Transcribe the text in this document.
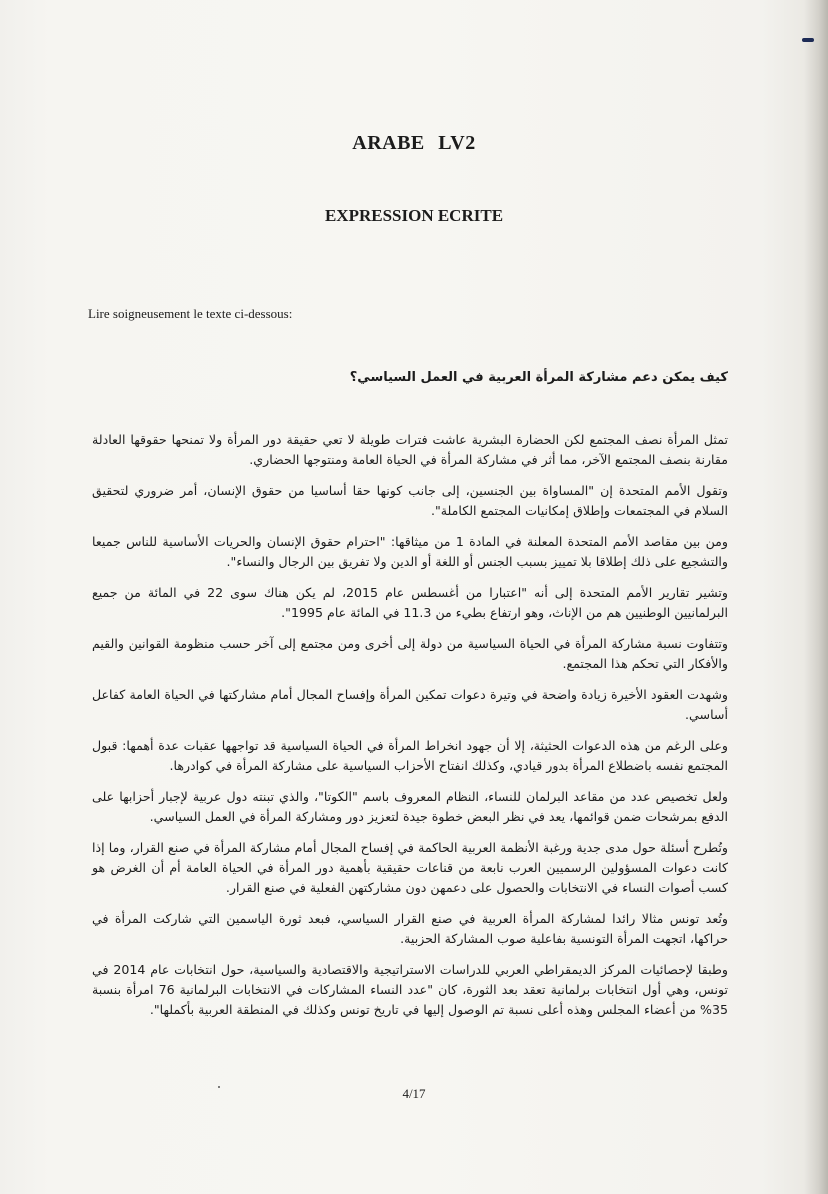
ARABE LV2
EXPRESSION ECRITE

Lire soigneusement le texte ci-dessous:

كيف يمكن دعم مشاركة المرأة العربية في العمل السياسي؟

تمثل المرأة نصف المجتمع لكن الحضارة البشرية عاشت فترات طويلة لا تعي حقيقة دور المرأة ولا تمنحها حقوقها العادلة مقارنة بنصف المجتمع الآخر، مما أثر في مشاركة المرأة في الحياة العامة ومنتوجها الحضاري.

وتقول الأمم المتحدة إن "المساواة بين الجنسين، إلى جانب كونها حقا أساسيا من حقوق الإنسان، أمر ضروري لتحقيق السلام في المجتمعات وإطلاق إمكانيات المجتمع الكاملة".

ومن بين مقاصد الأمم المتحدة المعلنة في المادة 1 من ميثاقها: "احترام حقوق الإنسان والحريات الأساسية للناس جميعا والتشجيع على ذلك إطلاقا بلا تمييز بسبب الجنس أو اللغة أو الدين ولا تفريق بين الرجال والنساء".

وتشير تقارير الأمم المتحدة إلى أنه "اعتبارا من أغسطس عام 2015، لم يكن هناك سوى 22 في المائة من جميع البرلمانيين الوطنيين هم من الإناث، وهو ارتفاع بطيء من 11.3 في المائة عام 1995".

وتتفاوت نسبة مشاركة المرأة في الحياة السياسية من دولة إلى أخرى ومن مجتمع إلى آخر حسب منظومة القوانين والقيم والأفكار التي تحكم هذا المجتمع.

وشهدت العقود الأخيرة زيادة واضحة في وتيرة دعوات تمكين المرأة وإفساح المجال أمام مشاركتها في الحياة العامة كفاعل أساسي.

وعلى الرغم من هذه الدعوات الحثيثة، إلا أن جهود انخراط المرأة في الحياة السياسية قد تواجهها عقبات عدة أهمها: قبول المجتمع نفسه باضطلاع المرأة بدور قيادي، وكذلك انفتاح الأحزاب السياسية على مشاركة المرأة في كوادرها.

ولعل تخصيص عدد من مقاعد البرلمان للنساء، النظام المعروف باسم "الكوتا"، والذي تبنته دول عربية لإجبار أحزابها على الدفع بمرشحات ضمن قوائمها، يعد في نظر البعض خطوة جيدة لتعزيز دور ومشاركة المرأة في العمل السياسي.

وتُطرح أسئلة حول مدى جدية ورغبة الأنظمة العربية الحاكمة في إفساح المجال أمام مشاركة المرأة في صنع القرار، وما إذا كانت دعوات المسؤولين الرسميين العرب نابعة من قناعات حقيقية بأهمية دور المرأة في الحياة العامة أم أن الغرض هو كسب أصوات النساء في الانتخابات والحصول على دعمهن دون مشاركتهن الفعلية في صنع القرار.

وتُعد تونس مثالا رائدا لمشاركة المرأة العربية في صنع القرار السياسي، فبعد ثورة الياسمين التي شاركت المرأة في حراكها، اتجهت المرأة التونسية بفاعلية صوب المشاركة الحزبية.

وطبقا لإحصائيات المركز الديمقراطي العربي للدراسات الاستراتيجية والاقتصادية والسياسية، حول انتخابات عام 2014 في تونس، وهي أول انتخابات برلمانية تعقد بعد الثورة، كان "عدد النساء المشاركات في الانتخابات البرلمانية 76 امرأة بنسبة 35% من أعضاء المجلس وهذه أعلى نسبة تم الوصول إليها في تاريخ تونس وكذلك في المنطقة العربية بأكملها".

4/17
